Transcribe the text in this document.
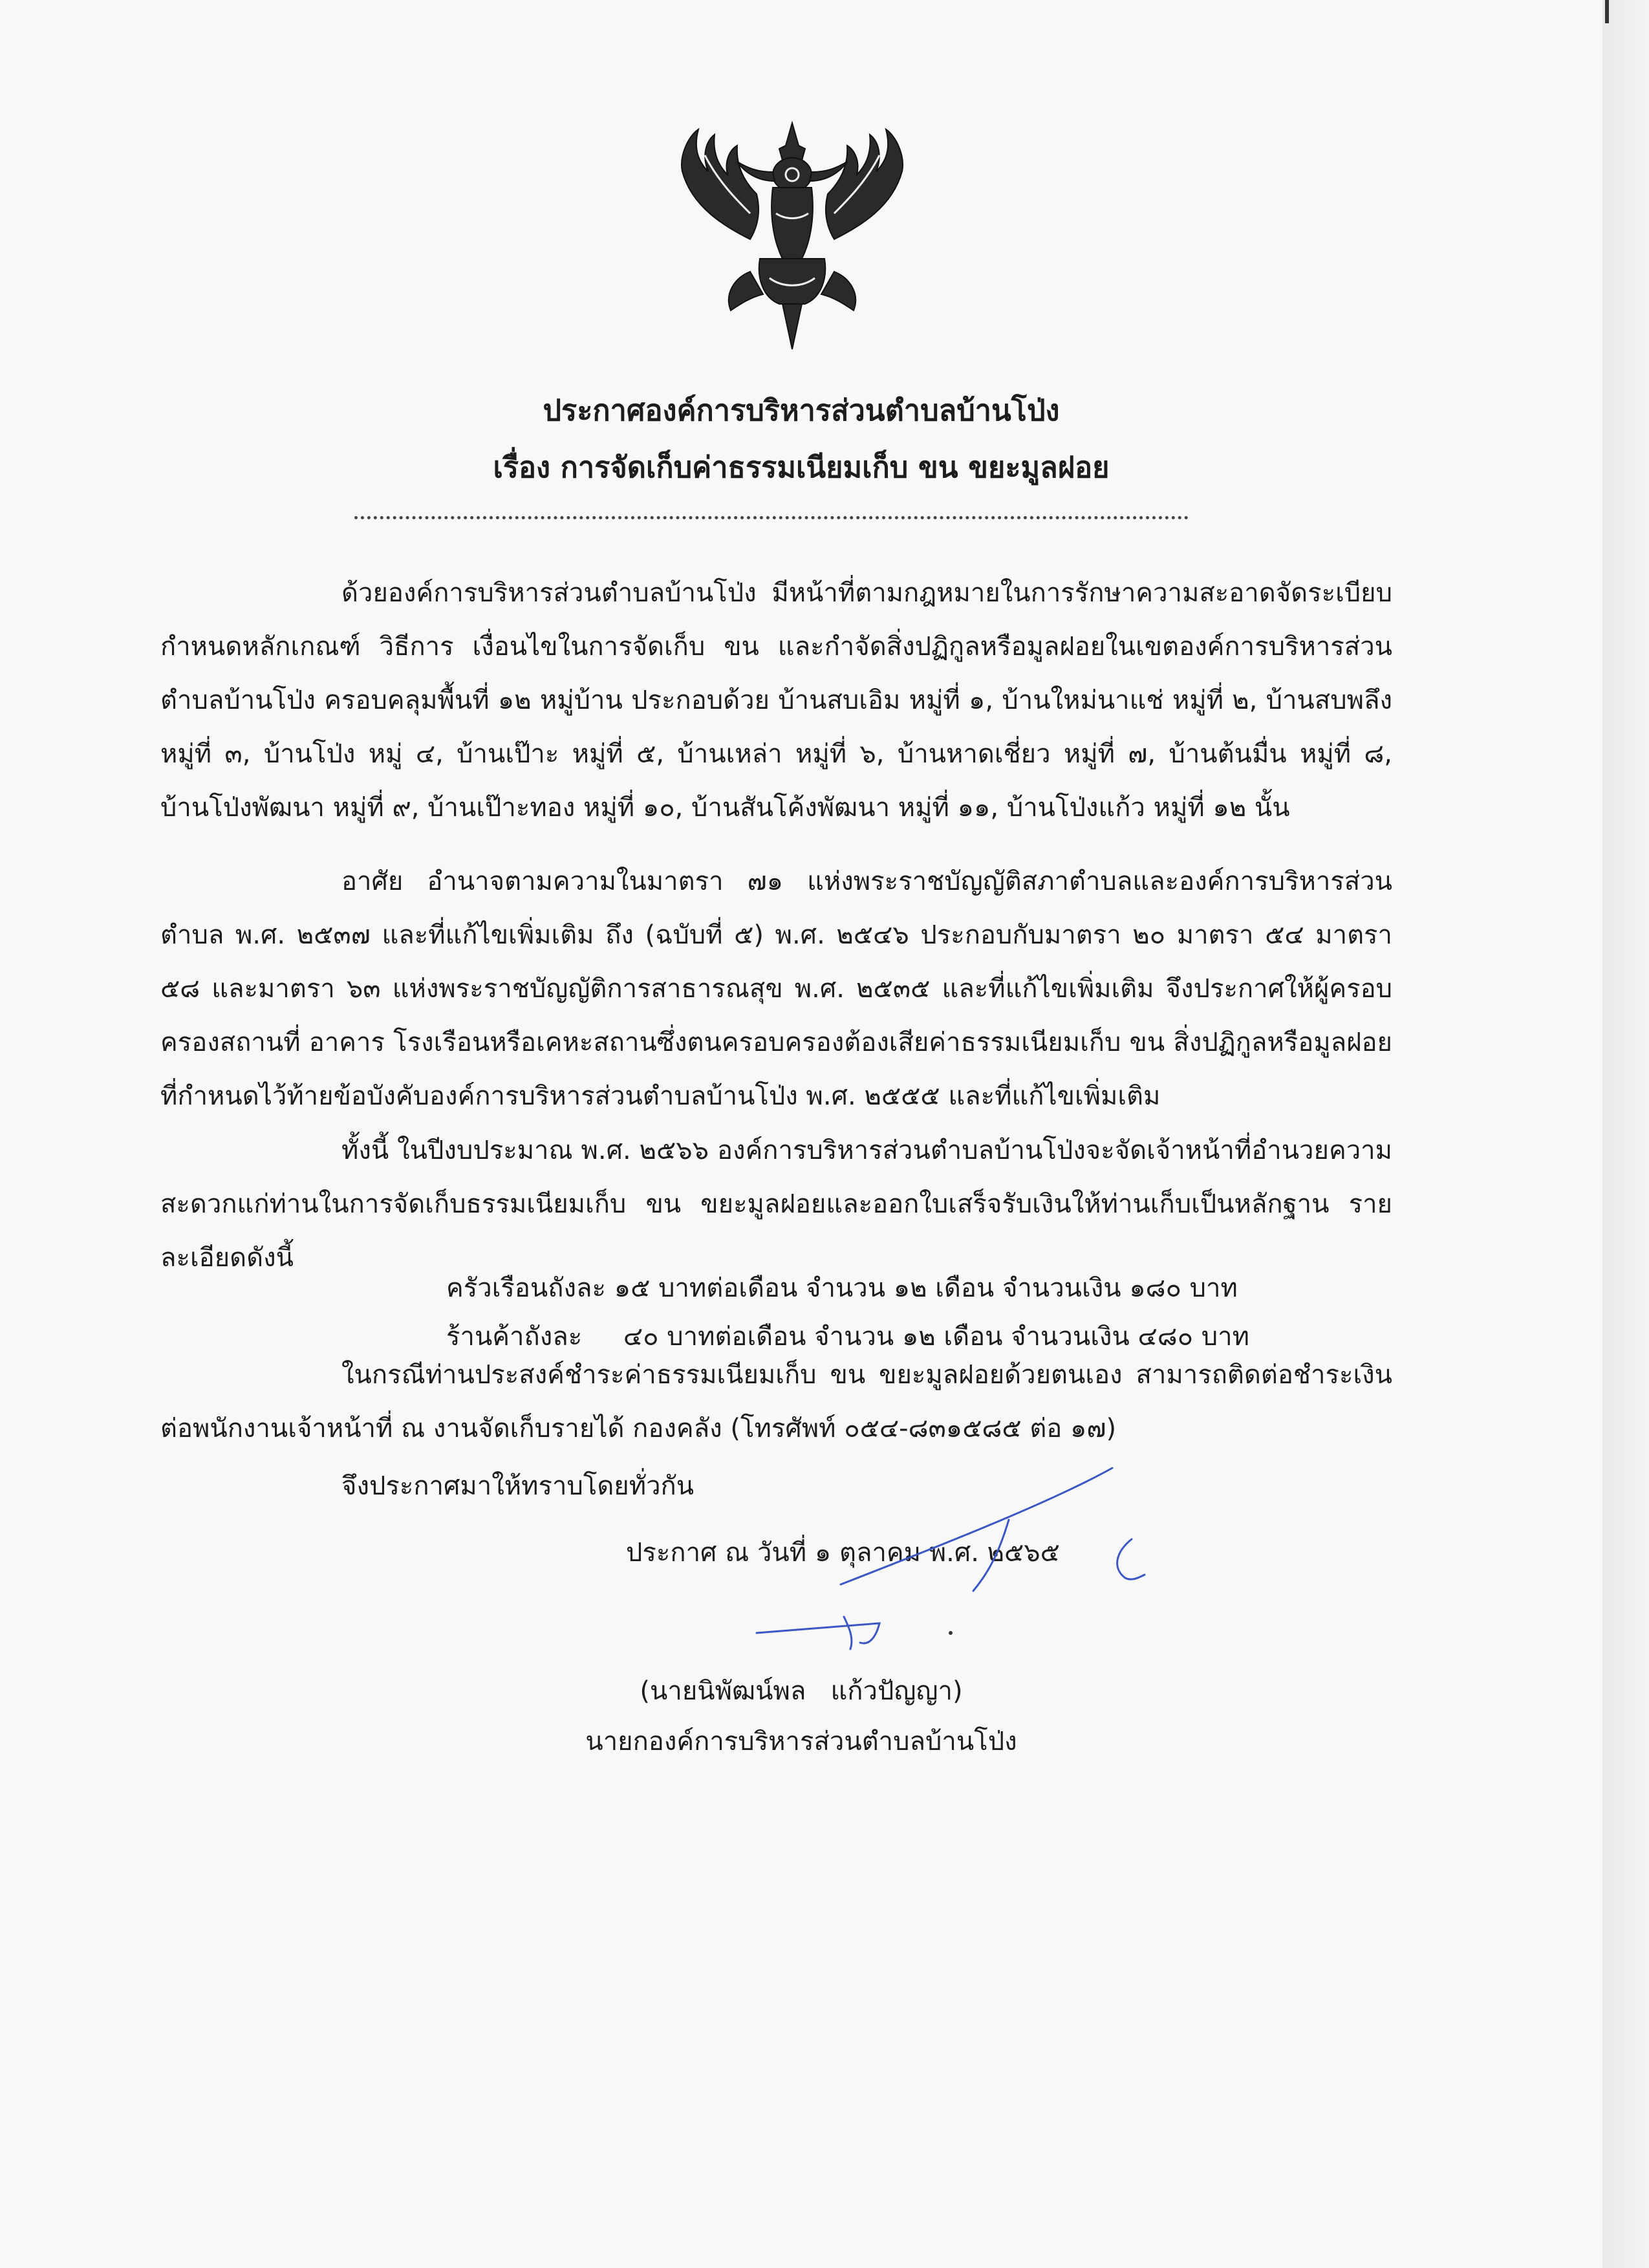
ประกาศองค์การบริหารส่วนตำบลบ้านโป่ง

เรื่อง การจัดเก็บค่าธรรมเนียมเก็บ ขน ขยะมูลฝอย

ด้วยองค์การบริหารส่วนตำบลบ้านโป่ง มีหน้าที่ตามกฎหมายในการรักษาความสะอาดจัดระเบียบ กำหนดหลักเกณฑ์ วิธีการ เงื่อนไขในการจัดเก็บ ขน และกำจัดสิ่งปฏิกูลหรือมูลฝอยในเขตองค์การบริหารส่วนตำบลบ้านโป่ง ครอบคลุมพื้นที่ ๑๒ หมู่บ้าน ประกอบด้วย บ้านสบเอิม หมู่ที่ ๑, บ้านใหม่นาแช่ หมู่ที่ ๒, บ้านสบพลึง หมู่ที่ ๓, บ้านโป่ง หมู่ ๔, บ้านเป๊าะ หมู่ที่ ๕, บ้านเหล่า หมู่ที่ ๖, บ้านหาดเชี่ยว หมู่ที่ ๗, บ้านต้นมื่น หมู่ที่ ๘, บ้านโป่งพัฒนา หมู่ที่ ๙, บ้านเป๊าะทอง หมู่ที่ ๑๐, บ้านสันโค้งพัฒนา หมู่ที่ ๑๑, บ้านโป่งแก้ว หมู่ที่ ๑๒ นั้น

อาศัย อำนาจตามความในมาตรา ๗๑ แห่งพระราชบัญญัติสภาตำบลและองค์การบริหารส่วนตำบล พ.ศ. ๒๕๓๗ และที่แก้ไขเพิ่มเติม ถึง (ฉบับที่ ๕) พ.ศ. ๒๕๔๖ ประกอบกับมาตรา ๒๐ มาตรา ๕๔ มาตรา ๕๘ และมาตรา ๖๓ แห่งพระราชบัญญัติการสาธารณสุข พ.ศ. ๒๕๓๕ และที่แก้ไขเพิ่มเติม จึงประกาศให้ผู้ครอบครองสถานที่ อาคาร โรงเรือนหรือเคหะสถานซึ่งตนครอบครองต้องเสียค่าธรรมเนียมเก็บ ขน สิ่งปฏิกูลหรือมูลฝอยที่กำหนดไว้ท้ายข้อบังคับองค์การบริหารส่วนตำบลบ้านโป่ง พ.ศ. ๒๕๕๕ และที่แก้ไขเพิ่มเติม

ทั้งนี้ ในปีงบประมาณ พ.ศ. ๒๕๖๖ องค์การบริหารส่วนตำบลบ้านโป่งจะจัดเจ้าหน้าที่อำนวยความสะดวกแก่ท่านในการจัดเก็บธรรมเนียมเก็บ ขน ขยะมูลฝอยและออกใบเสร็จรับเงินให้ท่านเก็บเป็นหลักฐาน รายละเอียดดังนี้

ครัวเรือนถังละ ๑๕ บาทต่อเดือน จำนวน ๑๒ เดือน จำนวนเงิน ๑๘๐ บาท

ร้านค้าถังละ     ๔๐ บาทต่อเดือน จำนวน ๑๒ เดือน จำนวนเงิน ๔๘๐ บาท

ในกรณีท่านประสงค์ชำระค่าธรรมเนียมเก็บ ขน ขยะมูลฝอยด้วยตนเอง สามารถติดต่อชำระเงินต่อพนักงานเจ้าหน้าที่ ณ งานจัดเก็บรายได้ กองคลัง (โทรศัพท์ ๐๕๔-๘๓๑๕๘๕ ต่อ ๑๗)

จึงประกาศมาให้ทราบโดยทั่วกัน

ประกาศ ณ วันที่ ๑ ตุลาคม พ.ศ. ๒๕๖๕

(นายนิพัฒน์พล   แก้วปัญญา)

นายกองค์การบริหารส่วนตำบลบ้านโป่ง
